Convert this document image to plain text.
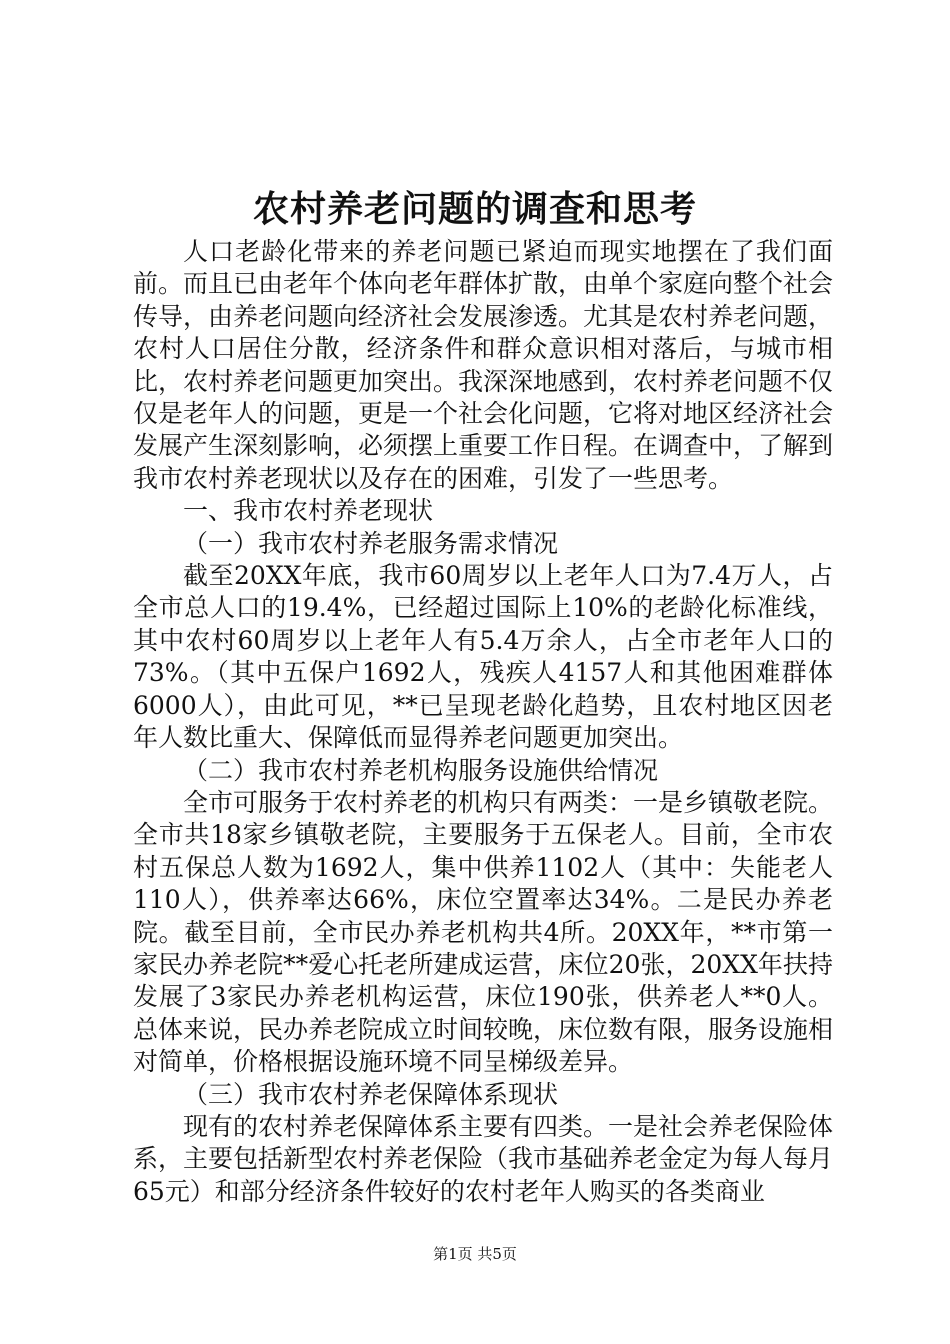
农村养老问题的调查和思考

人口老龄化带来的养老问题已紧迫而现实地摆在了我们面前。而且已由老年个体向老年群体扩散，由单个家庭向整个社会传导，由养老问题向经济社会发展渗透。尤其是农村养老问题，农村人口居住分散，经济条件和群众意识相对落后，与城市相比，农村养老问题更加突出。我深深地感到，农村养老问题不仅仅是老年人的问题，更是一个社会化问题，它将对地区经济社会发展产生深刻影响，必须摆上重要工作日程。在调查中，了解到我市农村养老现状以及存在的困难，引发了一些思考。

一、我市农村养老现状

（一）我市农村养老服务需求情况

截至20XX年底，我市60周岁以上老年人口为7.4万人，占全市总人口的19.4%，已经超过国际上10%的老龄化标准线，其中农村60周岁以上老年人有5.4万余人，占全市老年人口的73%。（其中五保户1692人，残疾人4157人和其他困难群体6000人），由此可见，**已呈现老龄化趋势，且农村地区因老年人数比重大、保障低而显得养老问题更加突出。

（二）我市农村养老机构服务设施供给情况

全市可服务于农村养老的机构只有两类：一是乡镇敬老院。全市共18家乡镇敬老院，主要服务于五保老人。目前，全市农村五保总人数为1692人，集中供养1102人（其中：失能老人110人），供养率达66%，床位空置率达34%。二是民办养老院。截至目前，全市民办养老机构共4所。20XX年，**市第一家民办养老院**爱心托老所建成运营，床位20张，20XX年扶持发展了3家民办养老机构运营，床位190张，供养老人**0人。总体来说，民办养老院成立时间较晚，床位数有限，服务设施相对简单，价格根据设施环境不同呈梯级差异。

（三）我市农村养老保障体系现状

现有的农村养老保障体系主要有四类。一是社会养老保险体系，主要包括新型农村养老保险（我市基础养老金定为每人每月65元）和部分经济条件较好的农村老年人购买的各类商业

第1页 共5页
